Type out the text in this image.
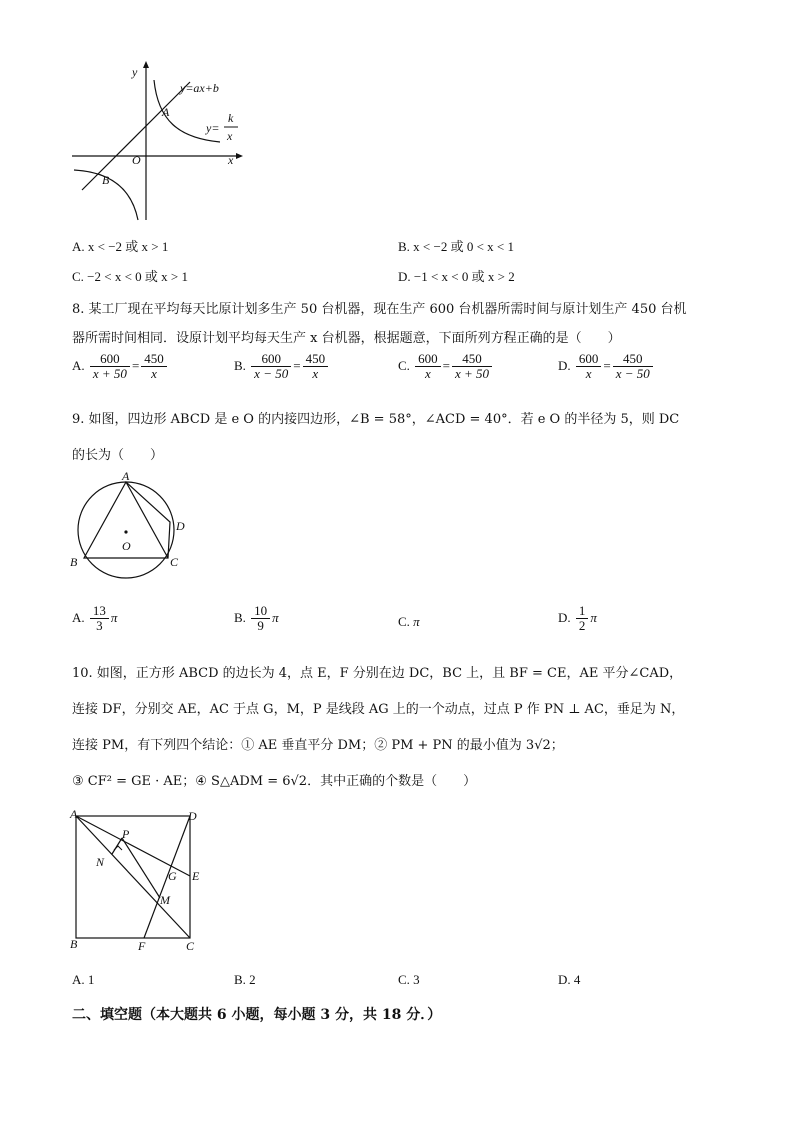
y
x
O
A
B
y=ax+b
y=
k
x
A. x < −2 或 x > 1	B. x < −2 或 0 < x < 1
C. −2 < x < 0 或 x > 1	D. −1 < x < 0 或 x > 2
8. 某工厂现在平均每天比原计划多生产 50 台机器，现在生产 600 台机器所需时间与原计划生产 450 台机
器所需时间相同．设原计划平均每天生产 x 台机器，根据题意，下面所列方程正确的是（　　）
A. $\frac{600}{x + 50} = \frac{450}{x}$	B. $\frac{600}{x - 50} = \frac{450}{x}$	C. $\frac{600}{x} = \frac{450}{x + 50}$	D. $\frac{600}{x} = \frac{450}{x - 50}$
9. 如图，四边形 ABCD 是 e O 的内接四边形，∠B = 58°，∠ACD = 40°．若 e O 的半径为 5，则 DC
的长为（　　）
A
B	C
D
O
A. $\frac{13}{3}$ π	B. $\frac{10}{9}$ π	C. π	D. $\frac{1}{2}$ π
10. 如图，正方形 ABCD 的边长为 4，点 E，F 分别在边 DC，BC 上，且 BF = CE，AE 平分∠CAD，
连接 DF，分别交 AE，AC 于点 G，M，P 是线段 AG 上的一个动点，过点 P 作 PN ⊥ AC，垂足为 N，
连接 PM，有下列四个结论：① AE 垂直平分 DM；② PM + PN 的最小值为 3√2；
③ CF² = GE · AE；④ S△ADM = 6√2．其中正确的个数是（　　）
A	D
B	C
E
F
G
M
N
P
A. 1	B. 2	C. 3	D. 4
二、填空题（本大题共 6 小题，每小题 3 分，共 18 分．）
